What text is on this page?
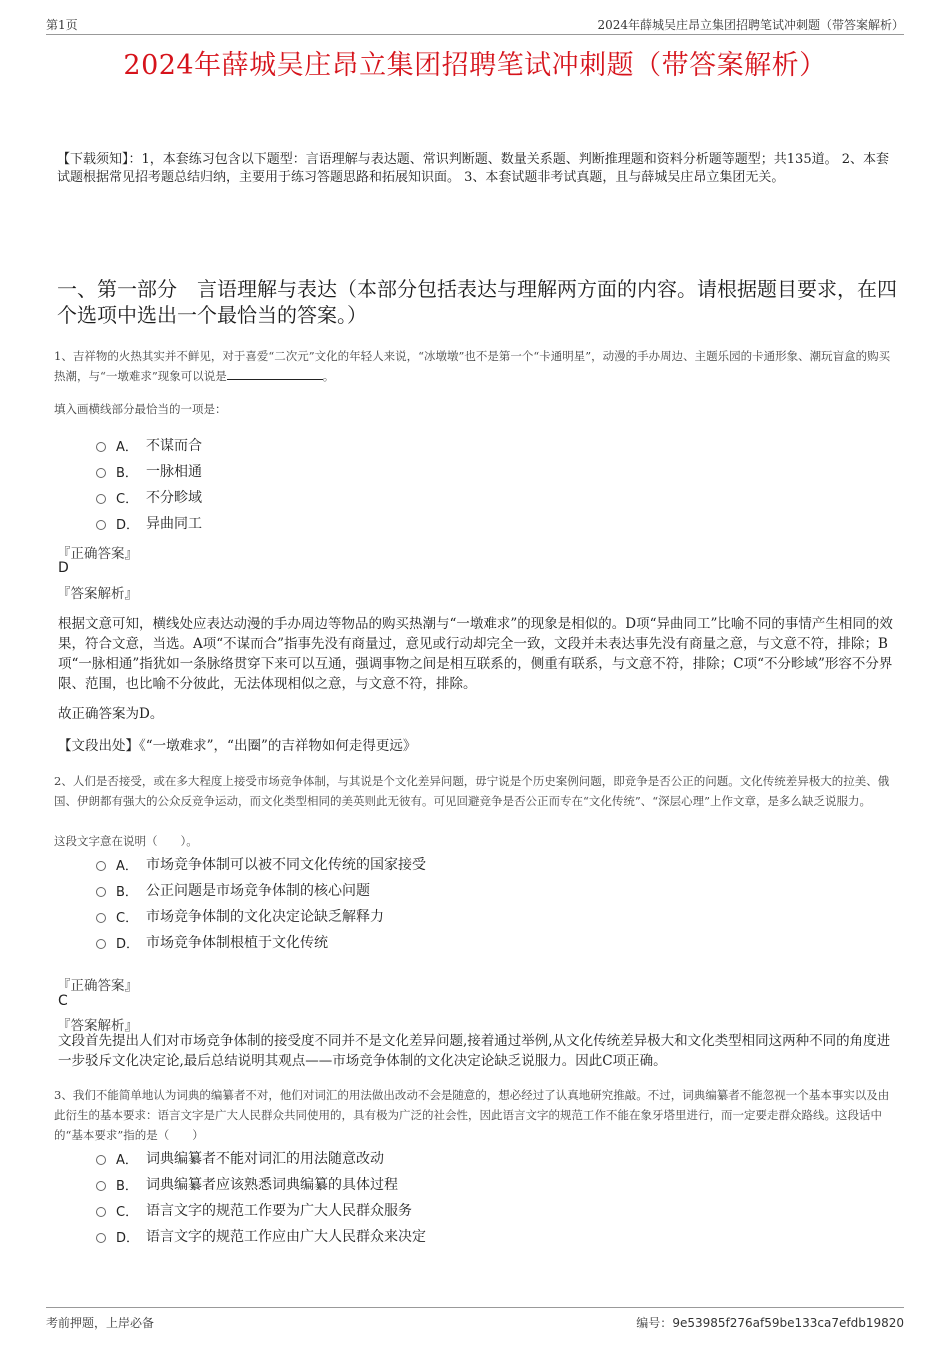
第1页	2024年薛城吴庄昂立集团招聘笔试冲刺题（带答案解析）
2024年薛城吴庄昂立集团招聘笔试冲刺题（带答案解析）
【下载须知】：1，本套练习包含以下题型：言语理解与表达题、常识判断题、数量关系题、判断推理题和资料分析题等题型；共135道。 2、本套试题根据常见招考题总结归纳，主要用于练习答题思路和拓展知识面。 3、本套试题非考试真题，且与薛城吴庄昂立集团无关。
一、第一部分　言语理解与表达（本部分包括表达与理解两方面的内容。请根据题目要求，在四个选项中选出一个最恰当的答案。）
1、吉祥物的火热其实并不鲜见，对于喜爱“二次元”文化的年轻人来说，“冰墩墩”也不是第一个“卡通明星”，动漫的手办周边、主题乐园的卡通形象、潮玩盲盒的购买热潮，与“一墩难求”现象可以说是	。
填入画横线部分最恰当的一项是：
A． 不谋而合
B． 一脉相通
C． 不分畛域
D． 异曲同工
『正确答案』
D
『答案解析』
根据文意可知，横线处应表达动漫的手办周边等物品的购买热潮与“一墩难求”的现象是相似的。D项“异曲同工”比喻不同的事情产生相同的效果，符合文意，当选。A项“不谋而合”指事先没有商量过，意见或行动却完全一致，文段并未表达事先没有商量之意，与文意不符，排除；B项“一脉相通”指犹如一条脉络贯穿下来可以互通，强调事物之间是相互联系的，侧重有联系，与文意不符，排除；C项“不分畛域”形容不分界限、范围，也比喻不分彼此，无法体现相似之意，与文意不符，排除。
故正确答案为D。
【文段出处】《“一墩难求”，“出圈”的吉祥物如何走得更远》
2、人们是否接受，或在多大程度上接受市场竞争体制，与其说是个文化差异问题，毋宁说是个历史案例问题，即竞争是否公正的问题。文化传统差异极大的拉美、俄国、伊朗都有强大的公众反竞争运动，而文化类型相同的美英则此无彼有。可见回避竞争是否公正而专在“文化传统”、“深层心理”上作文章，是多么缺乏说服力。
这段文字意在说明（　　）。
A． 市场竞争体制可以被不同文化传统的国家接受
B． 公正问题是市场竞争体制的核心问题
C． 市场竞争体制的文化决定论缺乏解释力
D． 市场竞争体制根植于文化传统
『正确答案』
C
『答案解析』
文段首先提出人们对市场竞争体制的接受度不同并不是文化差异问题,接着通过举例,从文化传统差异极大和文化类型相同这两种不同的角度进一步驳斥文化决定论,最后总结说明其观点——市场竞争体制的文化决定论缺乏说服力。因此C项正确。
3、我们不能简单地认为词典的编纂者不对，他们对词汇的用法做出改动不会是随意的，想必经过了认真地研究推敲。不过，词典编纂者不能忽视一个基本事实以及由此衍生的基本要求：语言文字是广大人民群众共同使用的，具有极为广泛的社会性，因此语言文字的规范工作不能在象牙塔里进行，而一定要走群众路线。这段话中的“基本要求”指的是（　　）
A． 词典编纂者不能对词汇的用法随意改动
B． 词典编纂者应该熟悉词典编纂的具体过程
C． 语言文字的规范工作要为广大人民群众服务
D． 语言文字的规范工作应由广大人民群众来决定
考前押题，上岸必备	编号：9e53985f276af59be133ca7efdb19820
